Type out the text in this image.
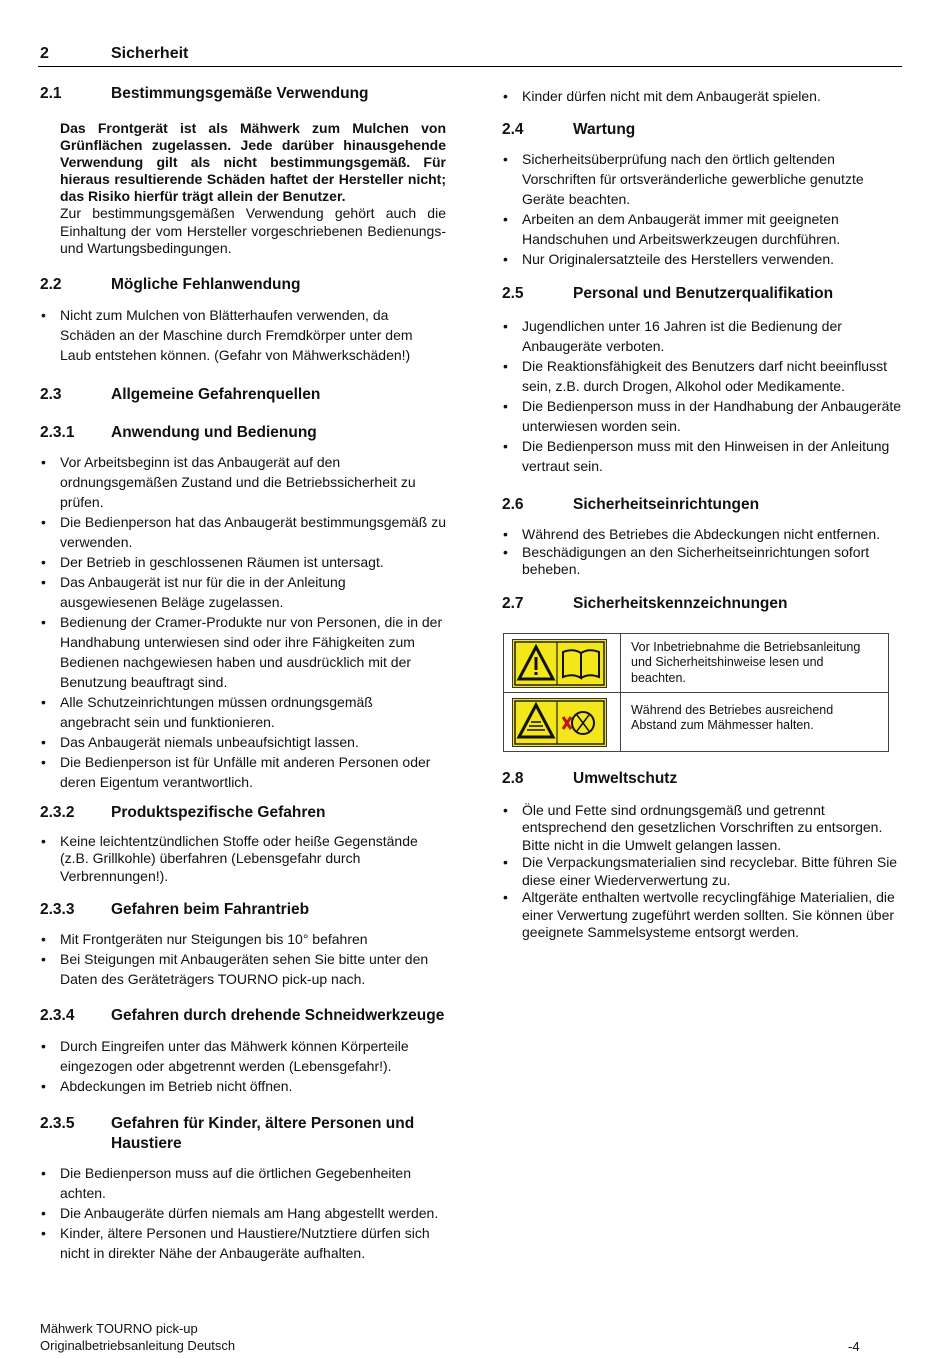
2	Sicherheit
2.1	Bestimmungsgemäße Verwendung
Das Frontgerät ist als Mähwerk zum Mulchen von Grünflächen zugelassen. Jede darüber hinausgehende Verwendung gilt als nicht bestimmungsgemäß. Für hieraus resultierende Schäden haftet der Hersteller nicht; das Risiko hierfür trägt allein der Benutzer.
Zur bestimmungsgemäßen Verwendung gehört auch die Einhaltung der vom Hersteller vorgeschriebenen Bedienungs- und Wartungsbedingungen.
2.2	Mögliche Fehlanwendung
• Nicht zum Mulchen von Blätterhaufen verwenden, da Schäden an der Maschine durch Fremdkörper unter dem Laub entstehen können. (Gefahr von Mähwerkschäden!)
2.3	Allgemeine Gefahrenquellen
2.3.1 Anwendung und Bedienung
• Vor Arbeitsbeginn ist das Anbaugerät auf den ordnungsgemäßen Zustand und die Betriebssicherheit zu prüfen.
• Die Bedienperson hat das Anbaugerät bestimmungsgemäß zu verwenden.
• Der Betrieb in geschlossenen Räumen ist untersagt.
• Das Anbaugerät ist nur für die in der Anleitung ausgewiesenen Beläge zugelassen.
• Bedienung der Cramer-Produkte nur von Personen, die in der Handhabung unterwiesen sind oder ihre Fähigkeiten zum Bedienen nachgewiesen haben und ausdrücklich mit der Benutzung beauftragt sind.
• Alle Schutzeinrichtungen müssen ordnungsgemäß angebracht sein und funktionieren.
• Das Anbaugerät niemals unbeaufsichtigt lassen.
• Die Bedienperson ist für Unfälle mit anderen Personen oder deren Eigentum verantwortlich.
2.3.2 Produktspezifische Gefahren
• Keine leichtentzündlichen Stoffe oder heiße Gegenstände (z.B. Grillkohle) überfahren (Lebensgefahr durch Verbrennungen!).
2.3.3 Gefahren beim Fahrantrieb
• Mit Frontgeräten nur Steigungen bis 10° befahren
• Bei Steigungen mit Anbaugeräten sehen Sie bitte unter den Daten des Geräteträgers TOURNO pick-up nach.
2.3.4 Gefahren durch drehende Schneidwerkzeuge
• Durch Eingreifen unter das Mähwerk können Körperteile eingezogen oder abgetrennt werden (Lebensgefahr!).
• Abdeckungen im Betrieb nicht öffnen.
2.3.5 Gefahren für Kinder, ältere Personen und Haustiere
• Die Bedienperson muss auf die örtlichen Gegebenheiten achten.
• Die Anbaugeräte dürfen niemals am Hang abgestellt werden.
• Kinder, ältere Personen und Haustiere/Nutztiere dürfen sich nicht in direkter Nähe der Anbaugeräte aufhalten.
• Kinder dürfen nicht mit dem Anbaugerät spielen.
2.4	Wartung
• Sicherheitsüberprüfung nach den örtlich geltenden Vorschriften für ortsveränderliche gewerbliche genutzte Geräte beachten.
• Arbeiten an dem Anbaugerät immer mit geeigneten Handschuhen und Arbeitswerkzeugen durchführen.
• Nur Originalersatzteile des Herstellers verwenden.
2.5	Personal und Benutzerqualifikation
• Jugendlichen unter 16 Jahren ist die Bedienung der Anbaugeräte verboten.
• Die Reaktionsfähigkeit des Benutzers darf nicht beeinflusst sein, z.B. durch Drogen, Alkohol oder Medikamente.
• Die Bedienperson muss in der Handhabung der Anbaugeräte unterwiesen worden sein.
• Die Bedienperson muss mit den Hinweisen in der Anleitung vertraut sein.
2.6	Sicherheitseinrichtungen
• Während des Betriebes die Abdeckungen nicht entfernen.
• Beschädigungen an den Sicherheitseinrichtungen sofort beheben.
2.7	Sicherheitskennzeichnungen
	Vor Inbetriebnahme die Betriebsanleitung und Sicherheitshinweise lesen und beachten.

	Während des Betriebes ausreichend Abstand zum Mähmesser halten.
2.8	Umweltschutz
• Öle und Fette sind ordnungsgemäß und getrennt entsprechend den gesetzlichen Vorschriften zu entsorgen. Bitte nicht in die Umwelt gelangen lassen.
• Die Verpackungsmaterialien sind recyclebar. Bitte führen Sie diese einer Wiederverwertung zu.
• Altgeräte enthalten wertvolle recyclingfähige Materialien, die einer Verwertung zugeführt werden sollten. Sie können über geeignete Sammelsysteme entsorgt werden.
Mähwerk TOURNO pick-up
Originalbetriebsanleitung Deutsch	-4
